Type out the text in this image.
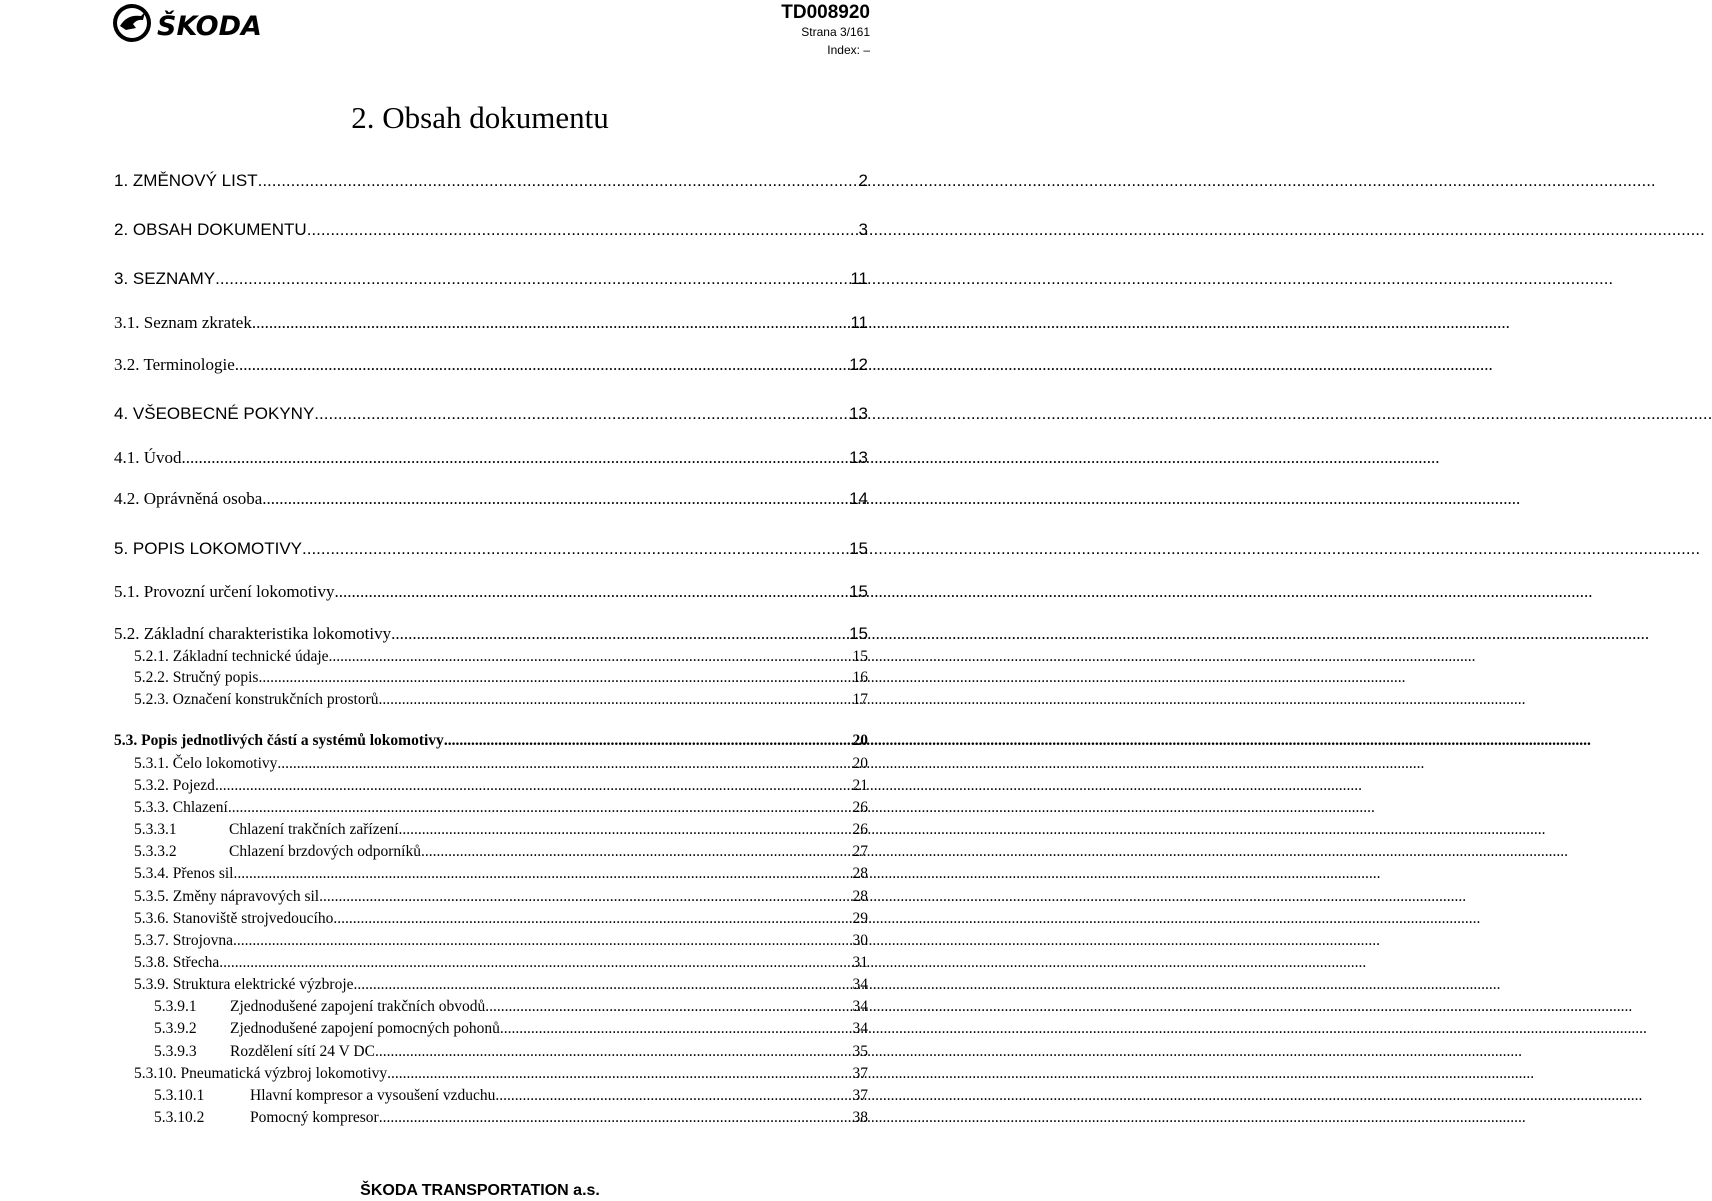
ŠKODA	TD008920
Strana 3/161
Index: –
2. Obsah dokumentu
1. ZMĚNOVÝ LIST .....	2
2. OBSAH DOKUMENTU .....	3
3. SEZNAMY .....	11
3.1. Seznam zkratek .....	11
3.2. Terminologie .....	12
4. VŠEOBECNÉ POKYNY .....	13
4.1. Úvod .....	13
4.2. Oprávněná osoba .....	14
5. POPIS LOKOMOTIVY .....	15
5.1. Provozní určení lokomotivy .....	15
5.2. Základní charakteristika lokomotivy .....	15
5.2.1. Základní technické údaje .....	15
5.2.2. Stručný popis .....	16
5.2.3. Označení konstrukčních prostorů .....	17
5.3. Popis jednotlivých částí a systémů lokomotivy .....	20
5.3.1. Čelo lokomotivy .....	20
5.3.2. Pojezd .....	21
5.3.3. Chlazení .....	26
5.3.3.1	Chlazení trakčních zařízení .....	26
5.3.3.2	Chlazení brzdových odporníků .....	27
5.3.4. Přenos sil .....	28
5.3.5. Změny nápravových sil .....	28
5.3.6. Stanoviště strojvedoucího .....	29
5.3.7. Strojovna .....	30
5.3.8. Střecha .....	31
5.3.9. Struktura elektrické výzbroje .....	34
5.3.9.1 Zjednodušené zapojení trakčních obvodů .....	34
5.3.9.2 Zjednodušené zapojení pomocných pohonů .....	34
5.3.9.3 Rozdělení sítí 24 V DC .....	35
5.3.10. Pneumatická výzbroj lokomotivy .....	37
5.3.10.1	Hlavní kompresor a vysoušení vzduchu .....	37
5.3.10.2	Pomocný kompresor .....	38
ŠKODA TRANSPORTATION a.s.
